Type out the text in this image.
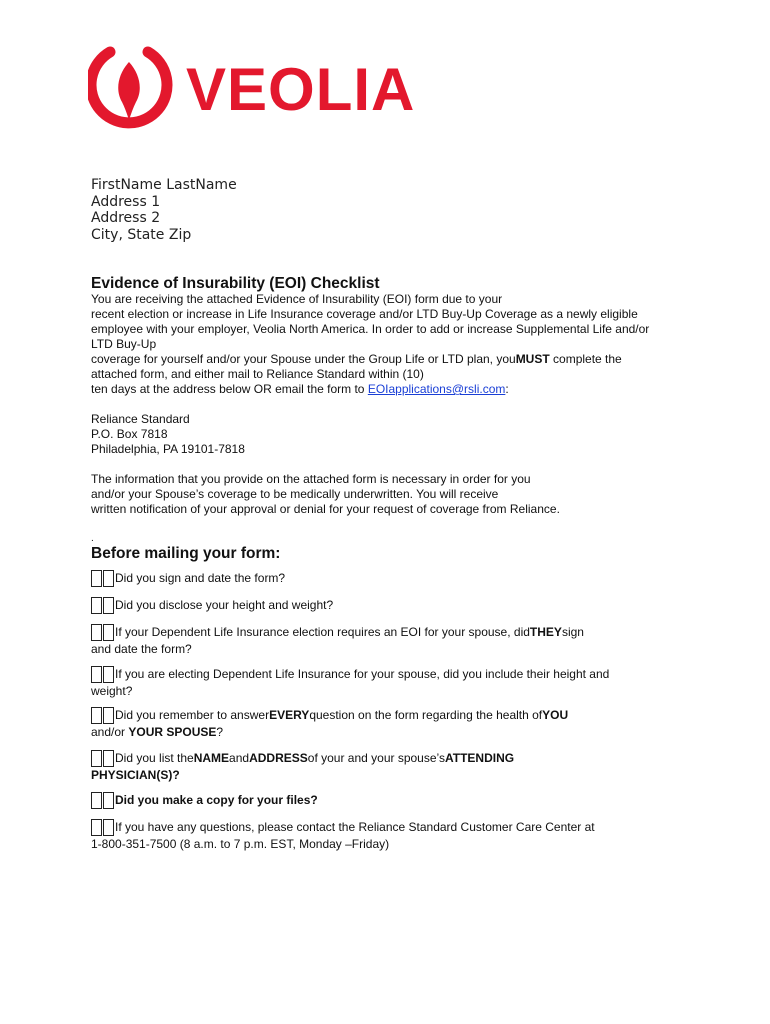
VEOLIA
FirstName LastName
Address 1
Address 2
City, State Zip
Evidence of Insurability (EOI) Checklist
You are receiving the attached Evidence of Insurability (EOI) form due to your
recent election or increase in Life Insurance coverage and/or LTD Buy-Up Coverage as a newly eligible
employee with your employer, Veolia North America. In order to add or increase Supplemental Life and/or
LTD Buy-Up
coverage for yourself and/or your Spouse under the Group Life or LTD plan, youMUST complete the
attached form, and either mail to Reliance Standard within (10)
ten days at the address below OR email the form to EOIapplications@rsli.com:
Reliance Standard
P.O. Box 7818
Philadelphia, PA 19101-7818
The information that you provide on the attached form is necessary in order for you
and/or your Spouse’s coverage to be medically underwritten. You will receive
written notification of your approval or denial for your request of coverage from Reliance.
.
Before mailing your form:
Did you sign and date the form?
Did you disclose your height and weight?
If your Dependent Life Insurance election requires an EOI for your spouse, did THEY sign
and date the form?
If you are electing Dependent Life Insurance for your spouse, did you include their height and
weight?
Did you remember to answer EVERY question on the form regarding the health of YOU
and/or YOUR SPOUSE?
Did you list the NAME and ADDRESS of your and your spouse’s ATTENDING
PHYSICIAN(S)?
Did you make a copy for your files?
If you have any questions, please contact the Reliance Standard Customer Care Center at
1-800-351-7500 (8 a.m. to 7 p.m. EST, Monday –Friday)
